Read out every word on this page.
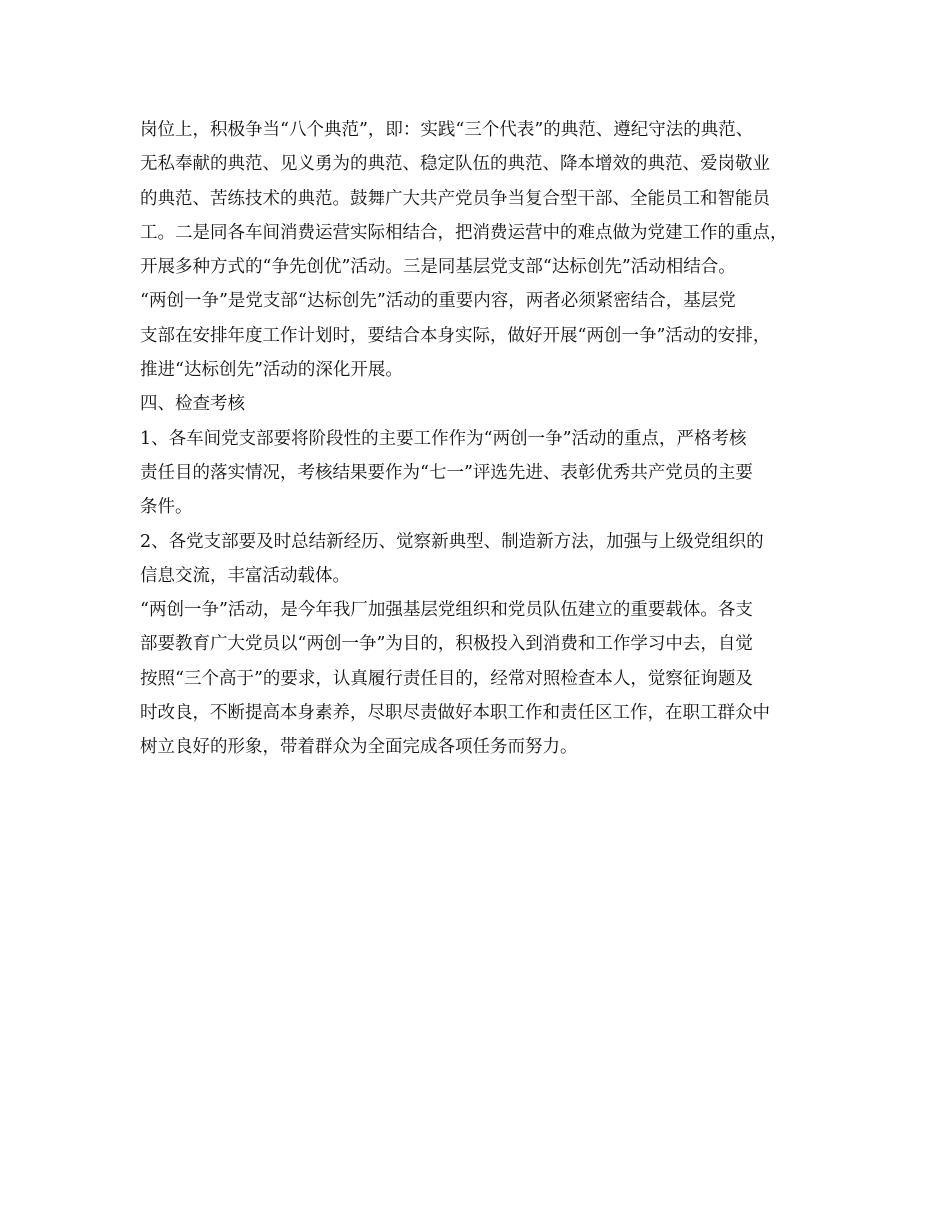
岗位上，积极争当“八个典范”，即：实践“三个代表”的典范、遵纪守法的典范、
无私奉献的典范、见义勇为的典范、稳定队伍的典范、降本增效的典范、爱岗敬业
的典范、苦练技术的典范。鼓舞广大共产党员争当复合型干部、全能员工和智能员
工。二是同各车间消费运营实际相结合，把消费运营中的难点做为党建工作的重点，
开展多种方式的“争先创优”活动。三是同基层党支部“达标创先”活动相结合。
“两创一争”是党支部“达标创先”活动的重要内容，两者必须紧密结合，基层党
支部在安排年度工作计划时，要结合本身实际，做好开展“两创一争”活动的安排，
推进“达标创先”活动的深化开展。
四、检查考核
1、各车间党支部要将阶段性的主要工作作为“两创一争”活动的重点，严格考核
责任目的落实情况，考核结果要作为“七一”评选先进、表彰优秀共产党员的主要
条件。
2、各党支部要及时总结新经历、觉察新典型、制造新方法，加强与上级党组织的
信息交流，丰富活动载体。
“两创一争”活动，是今年我厂加强基层党组织和党员队伍建立的重要载体。各支
部要教育广大党员以“两创一争”为目的，积极投入到消费和工作学习中去，自觉
按照“三个高于”的要求，认真履行责任目的，经常对照检查本人，觉察征询题及
时改良，不断提高本身素养，尽职尽责做好本职工作和责任区工作，在职工群众中
树立良好的形象，带着群众为全面完成各项任务而努力。
